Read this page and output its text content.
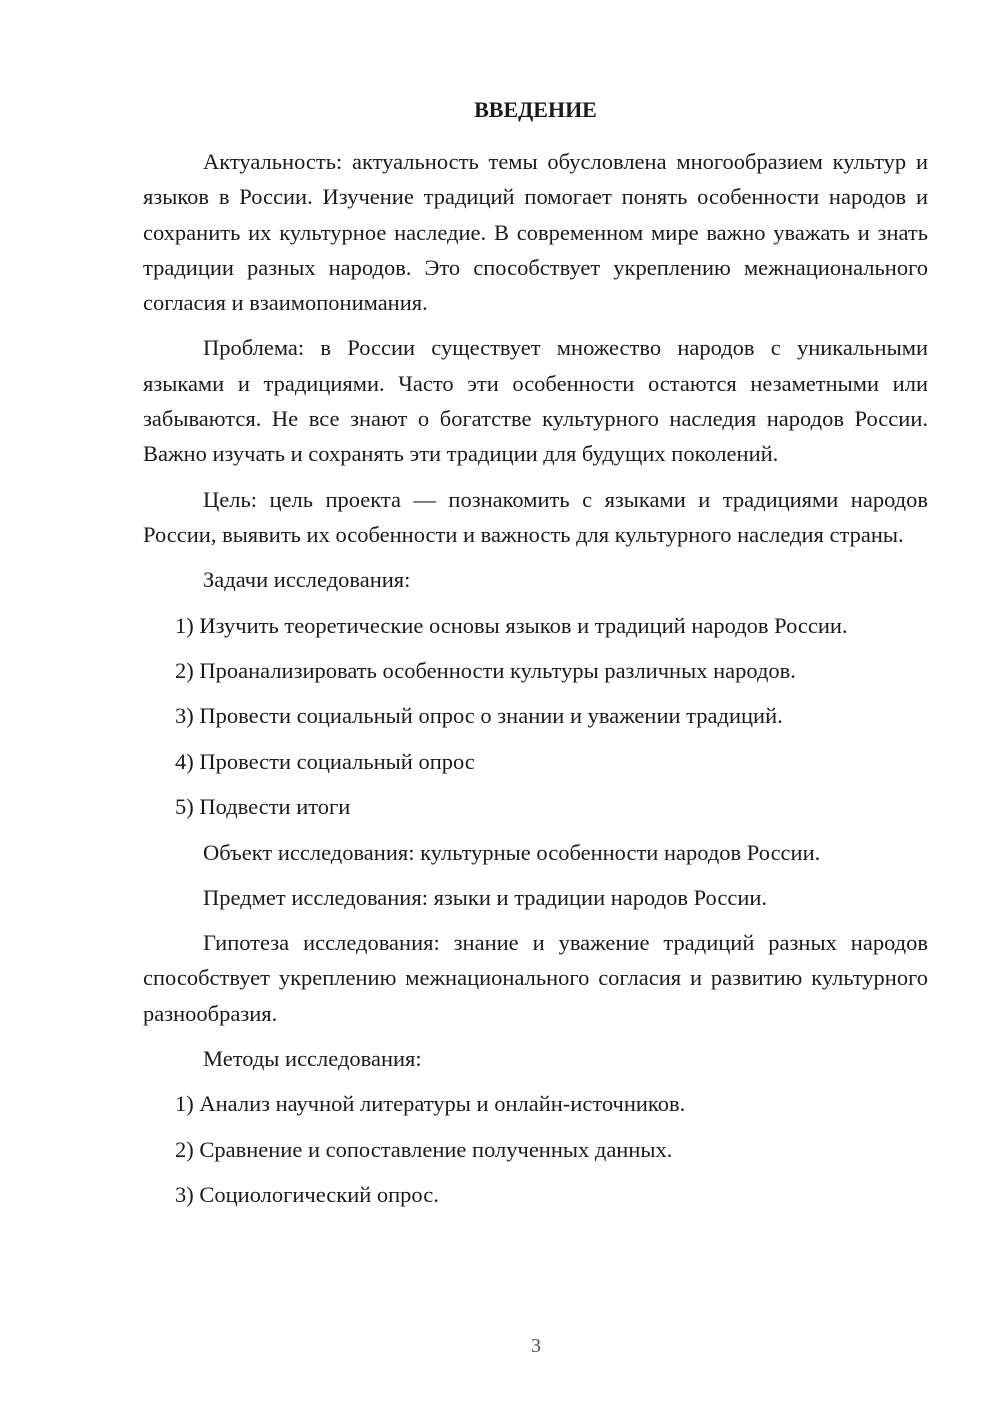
ВВЕДЕНИЕ

Актуальность: актуальность темы обусловлена многообразием культур и языков в России. Изучение традиций помогает понять особенности народов и сохранить их культурное наследие. В современном мире важно уважать и знать традиции разных народов. Это способствует укреплению межнационального согласия и взаимопонимания.

Проблема: в России существует множество народов с уникальными языками и традициями. Часто эти особенности остаются незаметными или забываются. Не все знают о богатстве культурного наследия народов России. Важно изучать и сохранять эти традиции для будущих поколений.

Цель: цель проекта — познакомить с языками и традициями народов России, выявить их особенности и важность для культурного наследия страны.

Задачи исследования:

1) Изучить теоретические основы языков и традиций народов России.

2) Проанализировать особенности культуры различных народов.

3) Провести социальный опрос о знании и уважении традиций.

4) Провести социальный опрос

5) Подвести итоги

Объект исследования: культурные особенности народов России.

Предмет исследования: языки и традиции народов России.

Гипотеза исследования: знание и уважение традиций разных народов способствует укреплению межнационального согласия и развитию культурного разнообразия.

Методы исследования:

1) Анализ научной литературы и онлайн-источников.

2) Сравнение и сопоставление полученных данных.

3) Социологический опрос.

3
